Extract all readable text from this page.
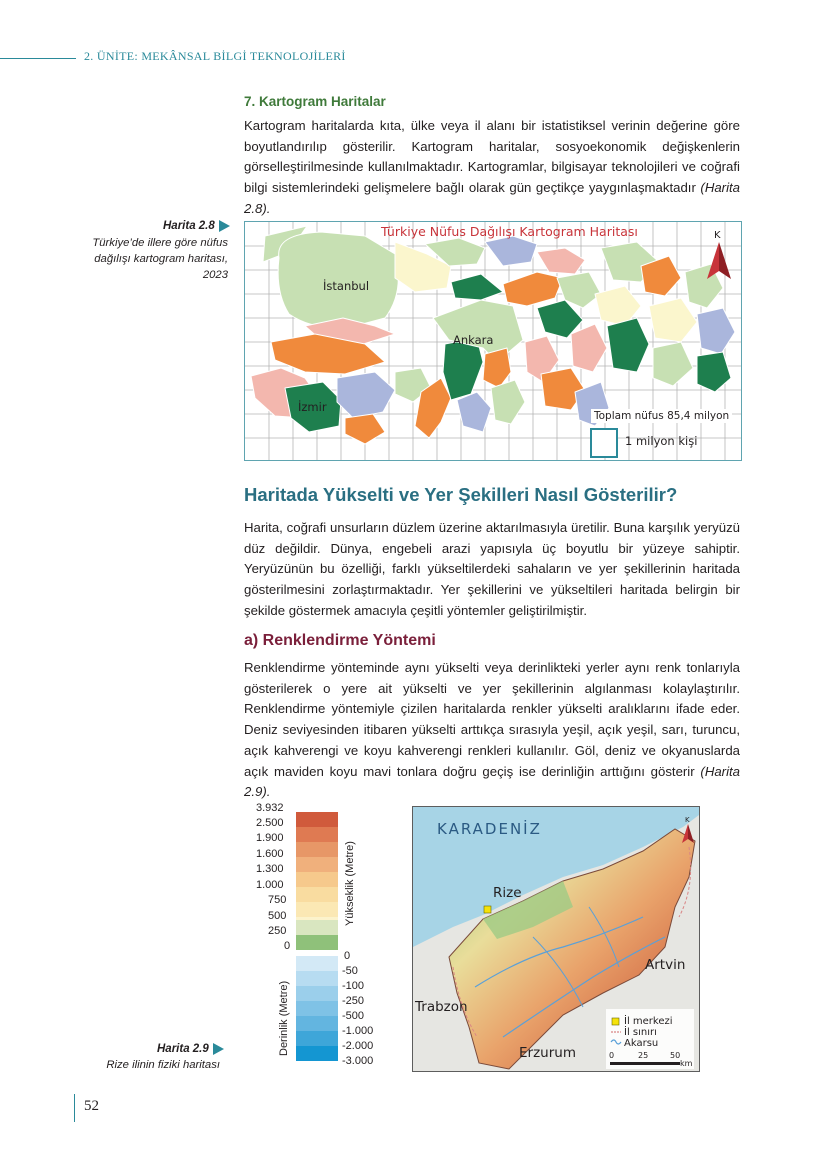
2. ÜNİTE: MEKÂNSAL BİLGİ TEKNOLOJİLERİ
7. Kartogram Haritalar

Kartogram haritalarda kıta, ülke veya il alanı bir istatistiksel verinin değerine göre boyutlandırılıp gösterilir. Kartogram haritalar, sosyoekonomik değişkenlerin görselleştirilmesinde kullanılmaktadır. Kartogramlar, bilgisayar teknolojileri ve coğrafi bilgi sistemlerindeki gelişmelere bağlı olarak gün geçtikçe yaygınlaşmaktadır (Harita 2.8).

Harita 2.8
Türkiye’de illere göre nüfus dağılışı kartogram haritası, 2023
Türkiye Nüfus Dağılışı Kartogram Haritası	K
İstanbul
Ankara
İzmir
Toplam nüfus 85,4 milyon
1 milyon kişi
Haritada Yükselti ve Yer Şekilleri Nasıl Gösterilir?

Harita, coğrafi unsurların düzlem üzerine aktarılmasıyla üretilir. Buna karşılık yeryüzü düz değildir. Dünya, engebeli arazi yapısıyla üç boyutlu bir yüzeye sahiptir. Yeryüzünün bu özelliği, farklı yükseltilerdeki sahaların ve yer şekillerinin haritada gösterilmesini zorlaştırmaktadır. Yer şekillerini ve yükseltileri haritada belirgin bir şekilde göstermek amacıyla çeşitli yöntemler geliştirilmiştir.

a) Renklendirme Yöntemi

Renklendirme yönteminde aynı yükselti veya derinlikteki yerler aynı renk tonlarıyla gösterilerek o yere ait yükselti ve yer şekillerinin algılanması kolaylaştırılır. Renklendirme yöntemiyle çizilen haritalarda renkler yükselti aralıklarını ifade eder. Deniz seviyesinden itibaren yükselti arttıkça sırasıyla yeşil, açık yeşil, sarı, turuncu, açık kahverengi ve koyu kahverengi renkleri kullanılır. Göl, deniz ve okyanuslarda açık maviden koyu mavi tonlara doğru geçiş ise derinliğin arttığını gösterir (Harita 2.9).

3.932
2.500
1.900
1.600
1.300
1.000
750
500
250
0
Yükseklik (Metre)
Derinlik (Metre)
0
-50
-100
-250
-500
-1.000
-2.000
-3.000
KARADENİZ	K
Rize
Artvin
Trabzon
Erzurum
İl merkezi
İl sınırı
Akarsu
0	25	50
km
Harita 2.9
Rize ilinin fiziki haritası
52
